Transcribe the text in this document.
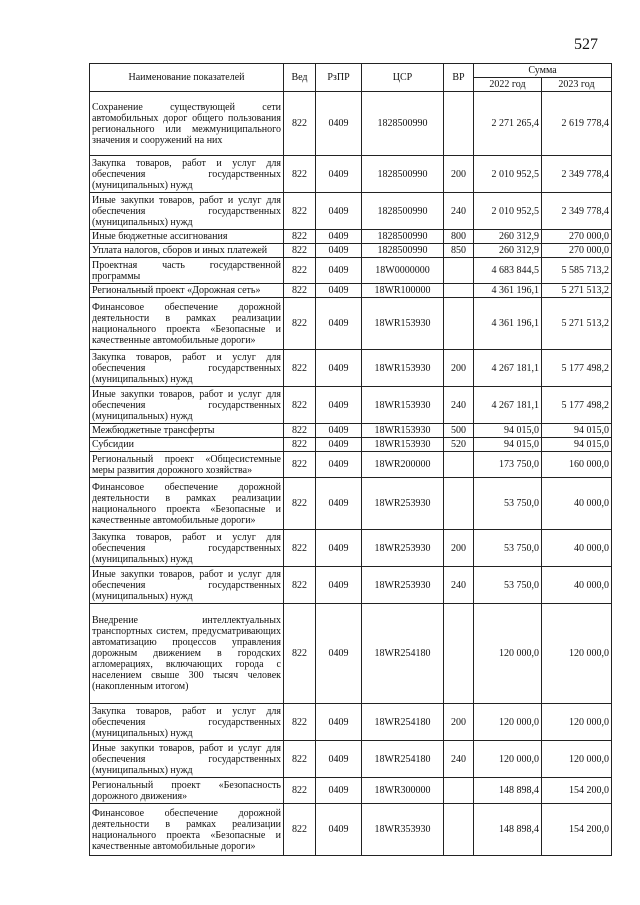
527
Наименование показателей	Вед	РзПР	ЦСР	ВР	Сумма	
					2022 год	2023 год
Сохранение существующей сети автомобильных дорог общего пользования регионального или межмуниципального значения и сооружений на них	822	0409	1828500990		2 271 265,4	2 619 778,4
Закупка товаров, работ и услуг для обеспечения государственных (муниципальных) нужд	822	0409	1828500990	200	2 010 952,5	2 349 778,4
Иные закупки товаров, работ и услуг для обеспечения государственных (муниципальных) нужд	822	0409	1828500990	240	2 010 952,5	2 349 778,4
Иные бюджетные ассигнования	822	0409	1828500990	800	260 312,9	270 000,0
Уплата налогов, сборов и иных платежей	822	0409	1828500990	850	260 312,9	270 000,0
Проектная часть государственной программы	822	0409	18W0000000		4 683 844,5	5 585 713,2
Региональный проект «Дорожная сеть»	822	0409	18WR100000		4 361 196,1	5 271 513,2
Финансовое обеспечение дорожной деятельности в рамках реализации национального проекта «Безопасные и качественные автомобильные дороги»	822	0409	18WR153930		4 361 196,1	5 271 513,2
Закупка товаров, работ и услуг для обеспечения государственных (муниципальных) нужд	822	0409	18WR153930	200	4 267 181,1	5 177 498,2
Иные закупки товаров, работ и услуг для обеспечения государственных (муниципальных) нужд	822	0409	18WR153930	240	4 267 181,1	5 177 498,2
Межбюджетные трансферты	822	0409	18WR153930	500	94 015,0	94 015,0
Субсидии	822	0409	18WR153930	520	94 015,0	94 015,0
Региональный проект «Общесистемные меры развития дорожного хозяйства»	822	0409	18WR200000		173 750,0	160 000,0
Финансовое обеспечение дорожной деятельности в рамках реализации национального проекта «Безопасные и качественные автомобильные дороги»	822	0409	18WR253930		53 750,0	40 000,0
Закупка товаров, работ и услуг для обеспечения государственных (муниципальных) нужд	822	0409	18WR253930	200	53 750,0	40 000,0
Иные закупки товаров, работ и услуг для обеспечения государственных (муниципальных) нужд	822	0409	18WR253930	240	53 750,0	40 000,0
Внедрение интеллектуальных транспортных систем, предусматривающих автоматизацию процессов управления дорожным движением в городских агломерациях, включающих города с населением свыше 300 тысяч человек (накопленным итогом)	822	0409	18WR254180		120 000,0	120 000,0
Закупка товаров, работ и услуг для обеспечения государственных (муниципальных) нужд	822	0409	18WR254180	200	120 000,0	120 000,0
Иные закупки товаров, работ и услуг для обеспечения государственных (муниципальных) нужд	822	0409	18WR254180	240	120 000,0	120 000,0
Региональный проект «Безопасность дорожного движения»	822	0409	18WR300000		148 898,4	154 200,0
Финансовое обеспечение дорожной деятельности в рамках реализации национального проекта «Безопасные и качественные автомобильные дороги»	822	0409	18WR353930		148 898,4	154 200,0
